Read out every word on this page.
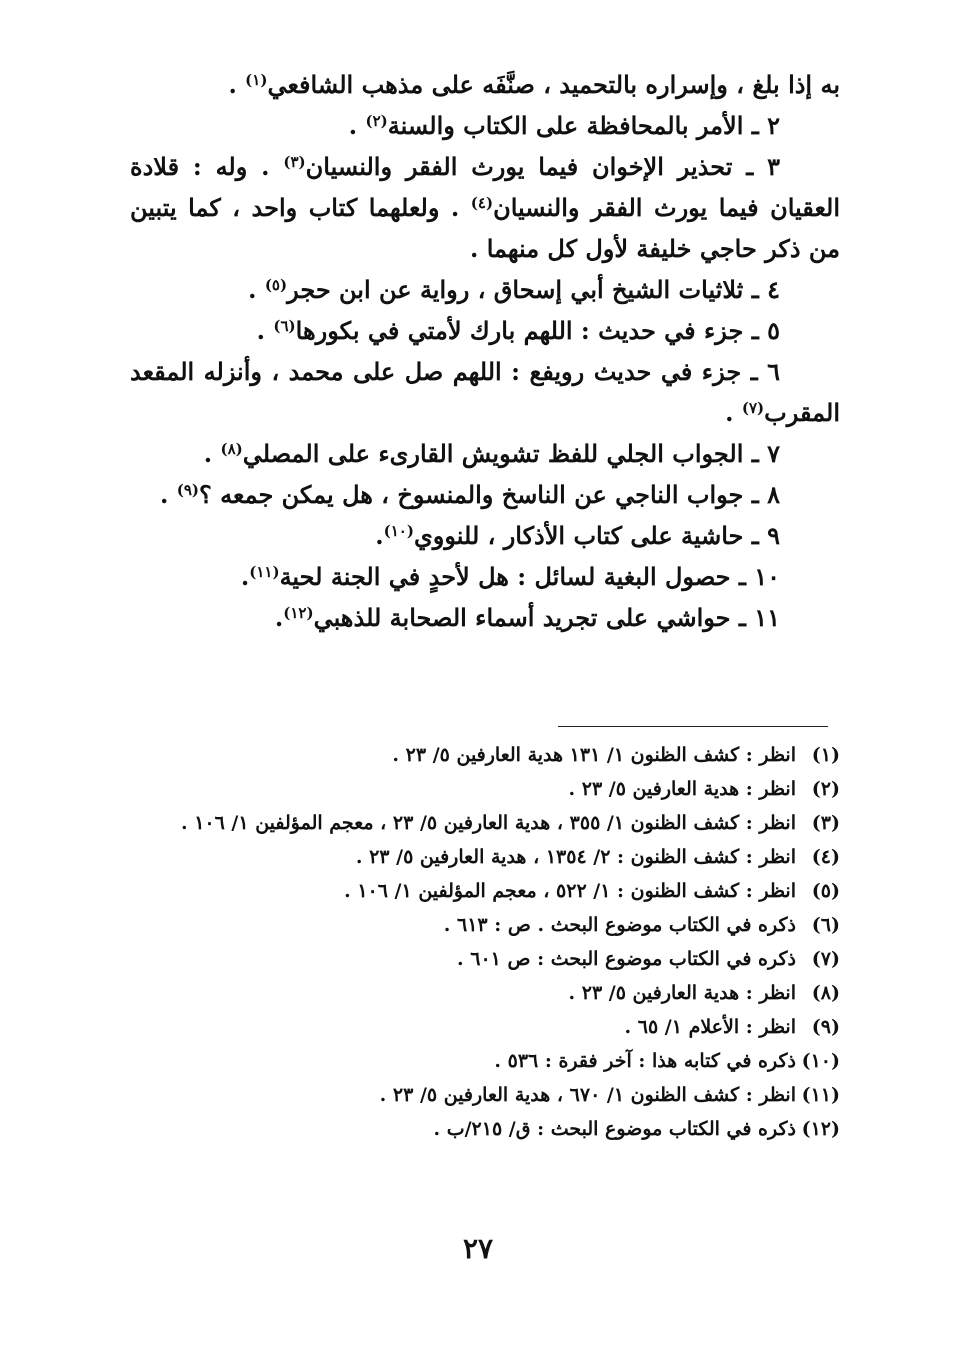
به إذا بلغ ، وإسراره بالتحميد ، صنَّفَه على مذهب الشافعي$^{(١)}$ .
٢ ـ الأمر بالمحافظة على الكتاب والسنة$^{(٢)}$ .
٣ ـ تحذير الإخوان فيما يورث الفقر والنسيان$^{(٣)}$ . وله : قلادة العقيان فيما يورث الفقر والنسيان$^{(٤)}$ . ولعلهما كتاب واحد ، كما يتبين من ذكر حاجي خليفة لأول كل منهما .
٤ ـ ثلاثيات الشيخ أبي إسحاق ، رواية عن ابن حجر$^{(٥)}$ .
٥ ـ جزء في حديث : اللهم بارك لأمتي في بكورها$^{(٦)}$ .
٦ ـ جزء في حديث رويفع : اللهم صل على محمد ، وأنزله المقعد المقرب$^{(٧)}$ .
٧ ـ الجواب الجلي للفظ تشويش القارىء على المصلي$^{(٨)}$ .
٨ ـ جواب الناجي عن الناسخ والمنسوخ ، هل يمكن جمعه ؟$^{(٩)}$ .
٩ ـ حاشية على كتاب الأذكار ، للنووي$^{(١٠)}$.
١٠ ـ حصول البغية لسائل : هل لأحدٍ في الجنة لحية$^{(١١)}$.
١١ ـ حواشي على تجريد أسماء الصحابة للذهبي$^{(١٢)}$.
(١)
انظر : كشف الظنون ١/ ١٣١ هدية العارفين ٥/ ٢٣ .
(٢)
انظر : هدية العارفين ٥/ ٢٣ .
(٣)
انظر : كشف الظنون ١/ ٣٥٥ ، هدية العارفين ٥/ ٢٣ ، معجم المؤلفين ١/ ١٠٦ .
(٤)
انظر : كشف الظنون : ٢/ ١٣٥٤ ، هدية العارفين ٥/ ٢٣ .
(٥)
انظر : كشف الظنون : ١/ ٥٢٢ ، معجم المؤلفين ١/ ١٠٦ .
(٦)
ذكره في الكتاب موضوع البحث . ص : ٦١٣ .
(٧)
ذكره في الكتاب موضوع البحث : ص ٦٠١ .
(٨)
انظر : هدية العارفين ٥/ ٢٣ .
(٩)
انظر : الأعلام ١/ ٦٥ .
(١٠)
ذكره في كتابه هذا : آخر فقرة : ٥٣٦ .
(١١)
انظر : كشف الظنون ١/ ٦٧٠ ، هدية العارفين ٥/ ٢٣ .
(١٢)
ذكره في الكتاب موضوع البحث : ق/ ٢١٥/ب .
٢٧
